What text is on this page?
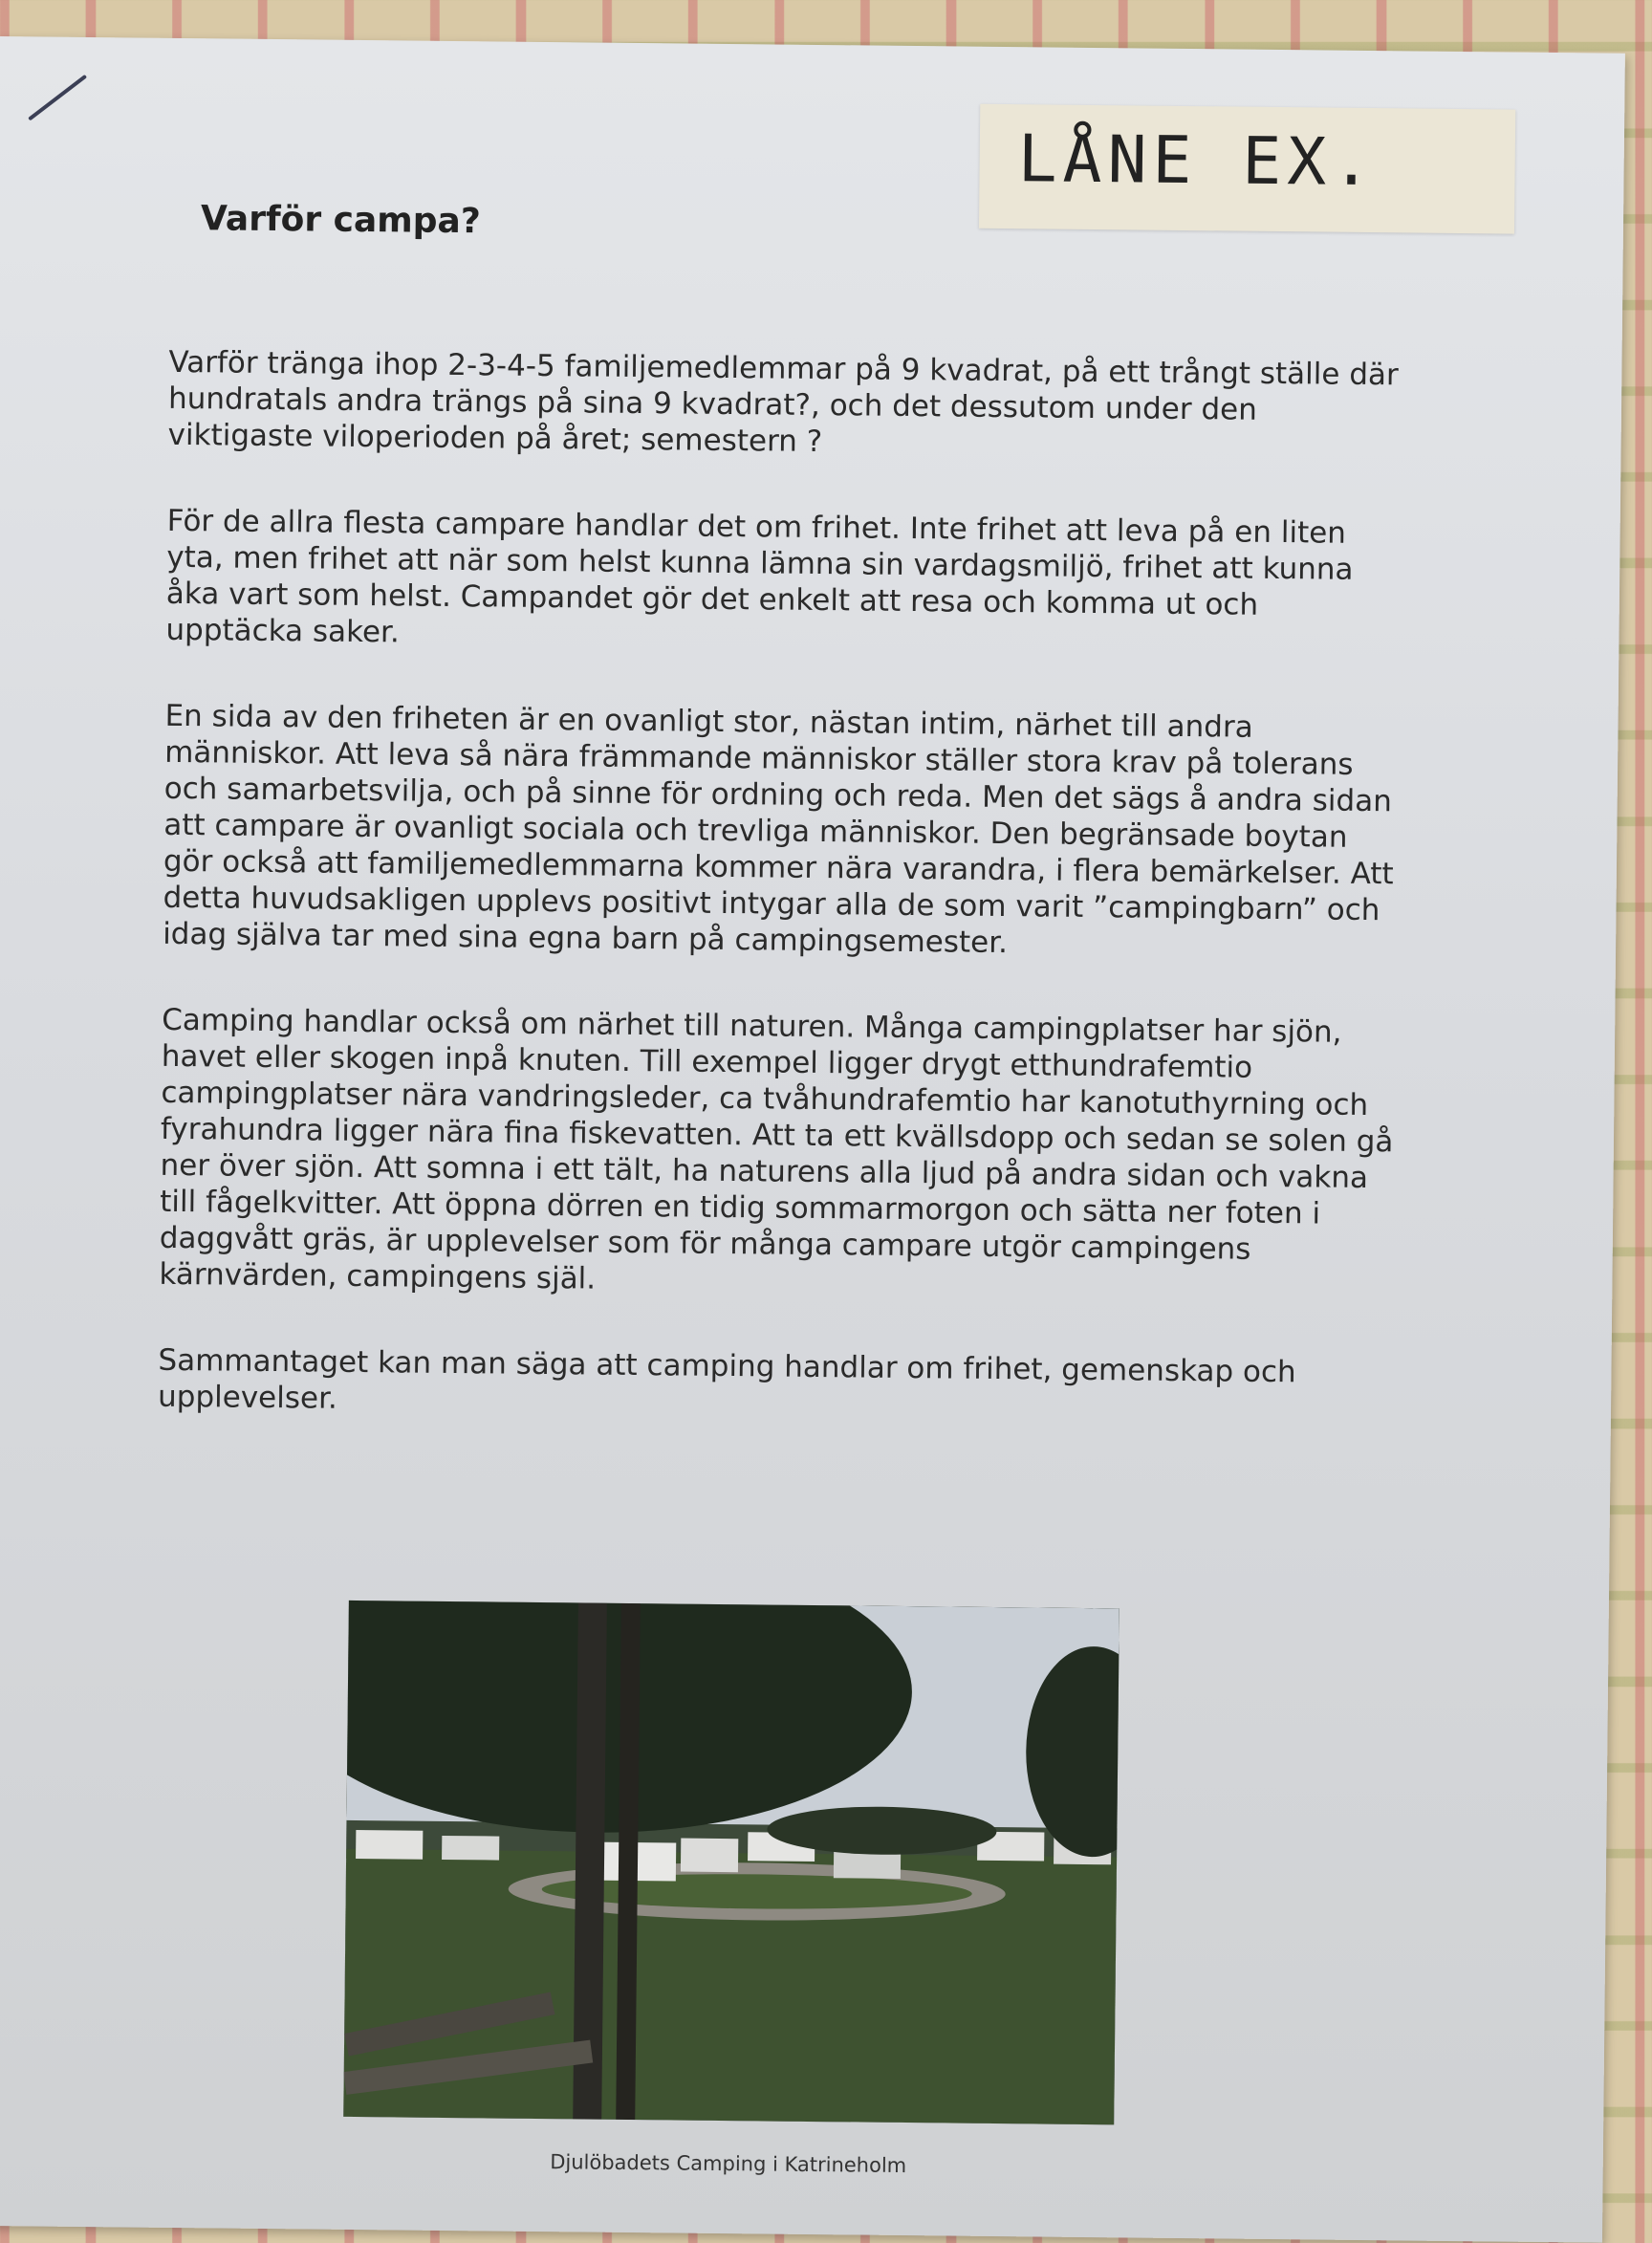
LÅNE EX.
Varför campa?

Varför tränga ihop 2-3-4-5 familjemedlemmar på 9 kvadrat, på ett trångt ställe där hundratals andra trängs på sina 9 kvadrat?, och det dessutom under den viktigaste viloperioden på året; semestern ?

För de allra flesta campare handlar det om frihet. Inte frihet att leva på en liten yta, men frihet att när som helst kunna lämna sin vardagsmiljö, frihet att kunna åka vart som helst. Campandet gör det enkelt att resa och komma ut och upptäcka saker.

En sida av den friheten är en ovanligt stor, nästan intim, närhet till andra människor. Att leva så nära främmande människor ställer stora krav på tolerans och samarbetsvilja, och på sinne för ordning och reda. Men det sägs å andra sidan att campare är ovanligt sociala och trevliga människor. Den begränsade boytan gör också att familjemedlemmarna kommer nära varandra, i flera bemärkelser. Att detta huvudsakligen upplevs positivt intygar alla de som varit ”campingbarn” och idag själva tar med sina egna barn på campingsemester.

Camping handlar också om närhet till naturen. Många campingplatser har sjön, havet eller skogen inpå knuten. Till exempel ligger drygt etthundrafemtio campingplatser nära vandringsleder, ca tvåhundrafemtio har kanotuthyrning och fyrahundra ligger nära fina fiskevatten. Att ta ett kvällsdopp och sedan se solen gå ner över sjön. Att somna i ett tält, ha naturens alla ljud på andra sidan och vakna till fågelkvitter. Att öppna dörren en tidig sommarmorgon och sätta ner foten i daggvått gräs, är upplevelser som för många campare utgör campingens kärnvärden, campingens själ.

Sammantaget kan man säga att camping handlar om frihet, gemenskap och upplevelser.

Djulöbadets Camping i Katrineholm
